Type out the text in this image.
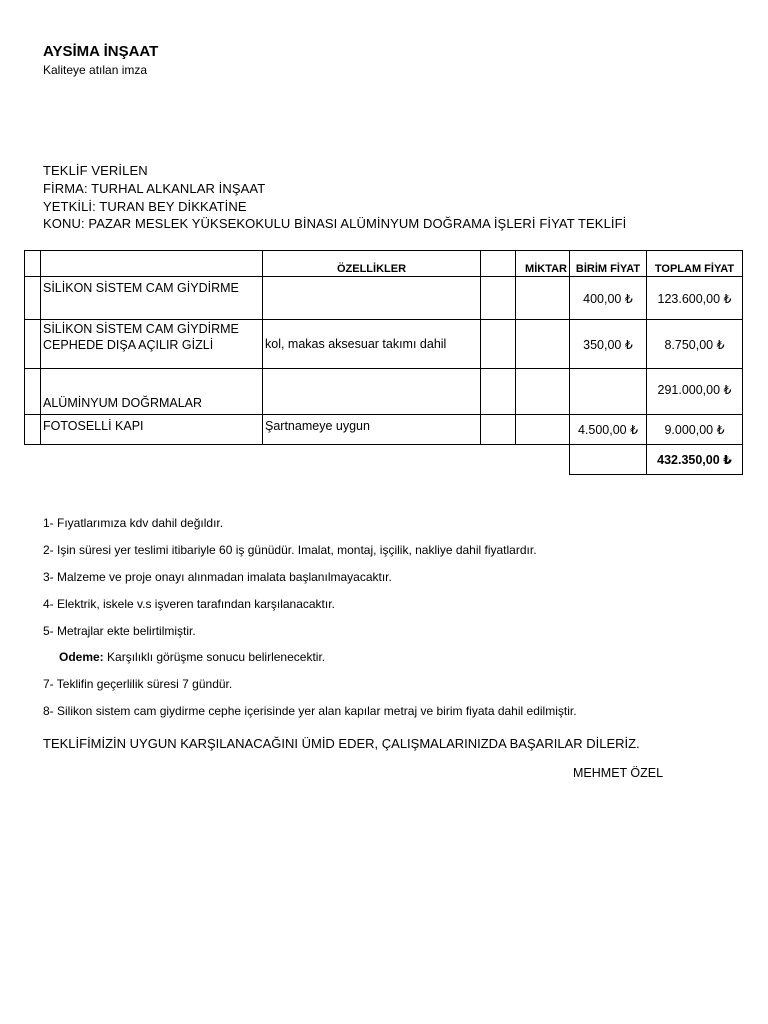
AYSİMA İNŞAAT
Kaliteye atılan imza
TEKLİF VERİLEN
FİRMA: TURHAL ALKANLAR İNŞAAT
YETKİLİ: TURAN BEY DİKKATİNE
KONU: PAZAR MESLEK YÜKSEKOKULU BİNASI ALÜMİNYUM DOĞRAMA İŞLERİ FİYAT TEKLİFİ
		ÖZELLİKLER		MİKTAR	BİRİM FİYAT	TOPLAM FİYAT
	SİLİKON SİSTEM CAM GİYDİRME				400,00 ₺	123.600,00 ₺

	SİLİKON SİSTEM CAM GİYDİRME
CEPHEDE DIŞA AÇILIR GİZLİ	kol, makas aksesuar takımı dahil			350,00 ₺	8.750,00 ₺
	ALÜMİNYUM DOĞRMALAR					291.000,00 ₺
	FOTOSELLİ KAPI	Şartnameye uygun			4.500,00 ₺	9.000,00 ₺
						432.350,00 ₺
1- Fıyatlarımıza kdv dahil değıldır.
2- Işin süresi yer teslimi itibariyle 60 iş günüdür. Imalat, montaj, işçilik, nakliye dahil fiyatlardır.
3- Malzeme ve proje onayı alınmadan imalata başlanılmayacaktır.
4- Elektrik, iskele v.s işveren tarafından karşılanacaktır.
5- Metrajlar ekte belirtilmiştir.
Odeme: Karşılıklı görüşme sonucu belirlenecektir.
7- Teklifin geçerlilik süresi 7 gündür.
8- Silikon sistem cam giydirme cephe içerisinde yer alan kapılar metraj ve birim fiyata dahil edilmiştir.
TEKLİFİMİZİN UYGUN KARŞILANACAĞINI ÜMİD EDER, ÇALIŞMALARINIZDA BAŞARILAR DİLERİZ.
MEHMET ÖZEL
